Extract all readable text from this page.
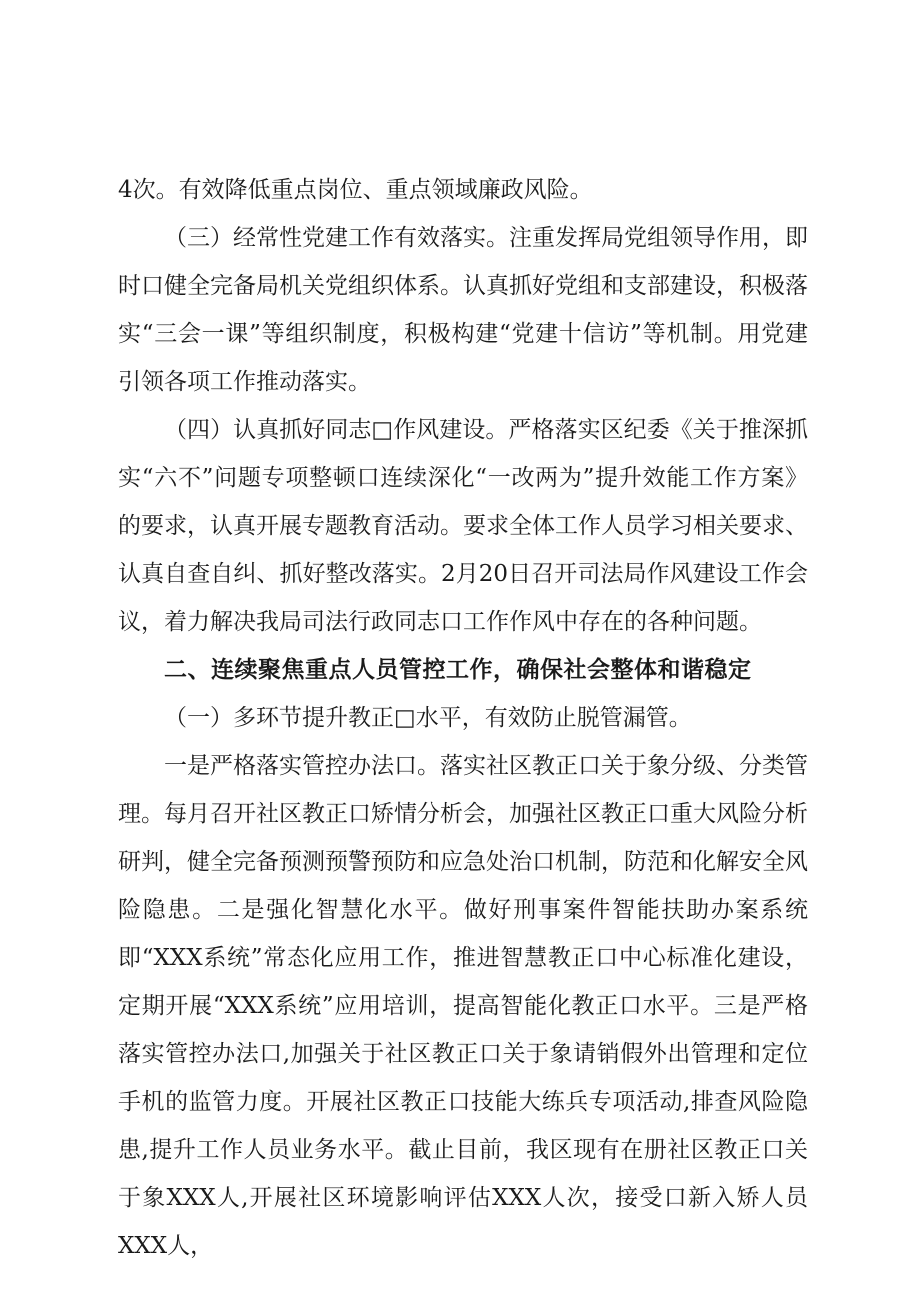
4次。有效降低重点岗位、重点领域廉政风险。

（三）经常性党建工作有效落实。注重发挥局党组领导作用，即时口健全完备局机关党组织体系。认真抓好党组和支部建设，积极落实“三会一课”等组织制度，积极构建“党建十信访”等机制。用党建引领各项工作推动落实。

（四）认真抓好同志□作风建设。严格落实区纪委《关于推深抓实“六不”问题专项整顿口连续深化“一改两为”提升效能工作方案》的要求，认真开展专题教育活动。要求全体工作人员学习相关要求、认真自查自纠、抓好整改落实。2月20日召开司法局作风建设工作会议，着力解决我局司法行政同志口工作作风中存在的各种问题。

二、连续聚焦重点人员管控工作，确保社会整体和谐稳定

（一）多环节提升教正□水平，有效防止脱管漏管。

一是严格落实管控办法口。落实社区教正口关于象分级、分类管理。每月召开社区教正口矫情分析会，加强社区教正口重大风险分析研判，健全完备预测预警预防和应急处治口机制，防范和化解安全风险隐患。二是强化智慧化水平。做好刑事案件智能扶助办案系统即“XXX系统”常态化应用工作，推进智慧教正口中心标准化建设，定期开展“XXX系统”应用培训，提高智能化教正口水平。三是严格落实管控办法口,加强关于社区教正口关于象请销假外出管理和定位手机的监管力度。开展社区教正口技能大练兵专项活动,排查风险隐患,提升工作人员业务水平。截止目前，我区现有在册社区教正口关于象XXX人,开展社区环境影响评估XXX人次，接受口新入矫人员XXX人，
